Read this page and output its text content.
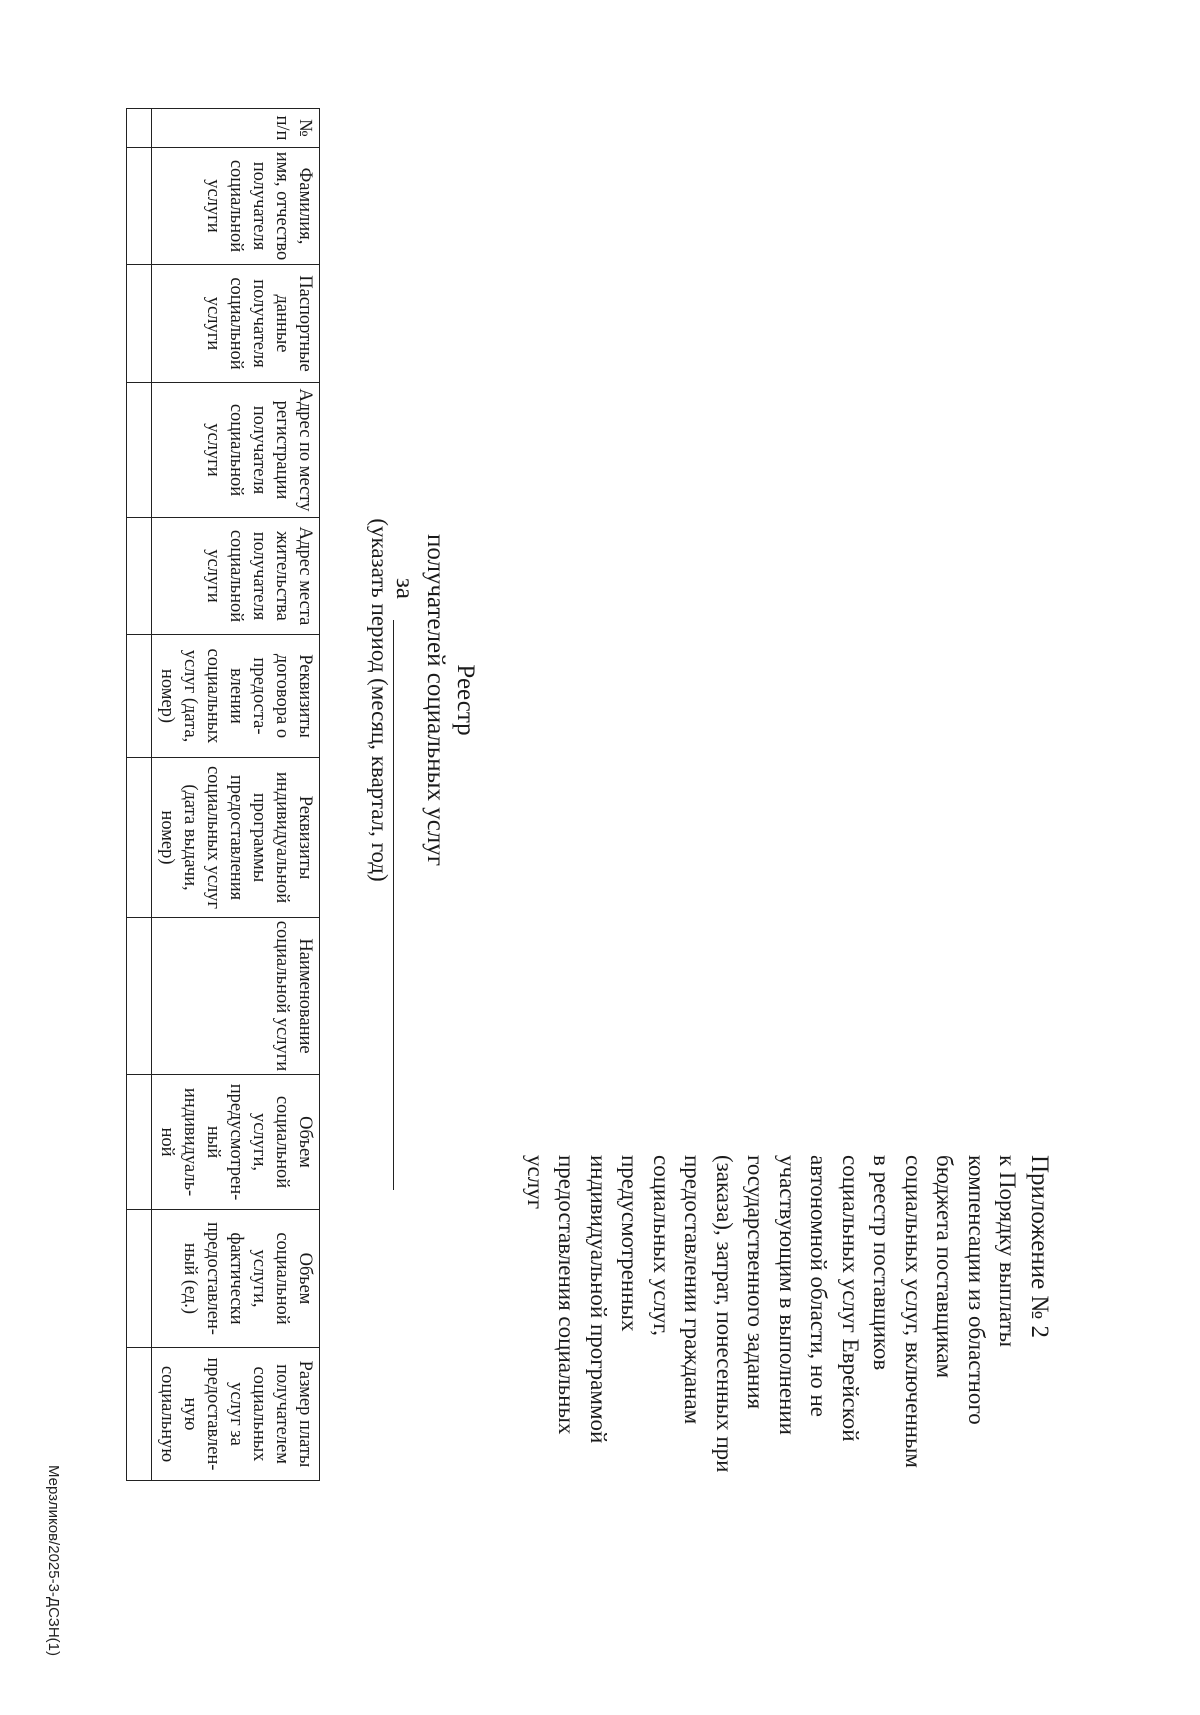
Приложение № 2
к Порядку выплаты
компенсации из областного
бюджета поставщикам
социальных услуг, включенным
в реестр поставщиков
социальных услуг Еврейской
автономной области, но не
участвующим в выполнении
государственного задания
(заказа), затрат, понесенных при
предоставлении гражданам
социальных услуг,
предусмотренных
индивидуальной программой
предоставления социальных
услуг
Реестр
получателей социальных услуг
за
(указать период (месяц, квартал, год)
№ п/п	Фамилия, имя, отчество получателя социальной услуги	Паспортные данные получателя социальной услуги	Адрес по месту регистрации получателя социальной услуги	Адрес места жительства получателя социальной услуги	Реквизиты договора о предоста-влении социальных услуг (дата, номер)	Реквизиты индивидуальной программы предоставления социальных услуг (дата выдачи, номер)	Наименование социальной услуги	Объем социальной услуги, предусмотрен-ный индивидуаль-ной	Объем социальной услуги, фактически предоставлен-ный (ед.)	Размер платы получателем социальных услуг за предоставлен-ную социальную

Мерзликов/2025-3-ДСЗН(1)
